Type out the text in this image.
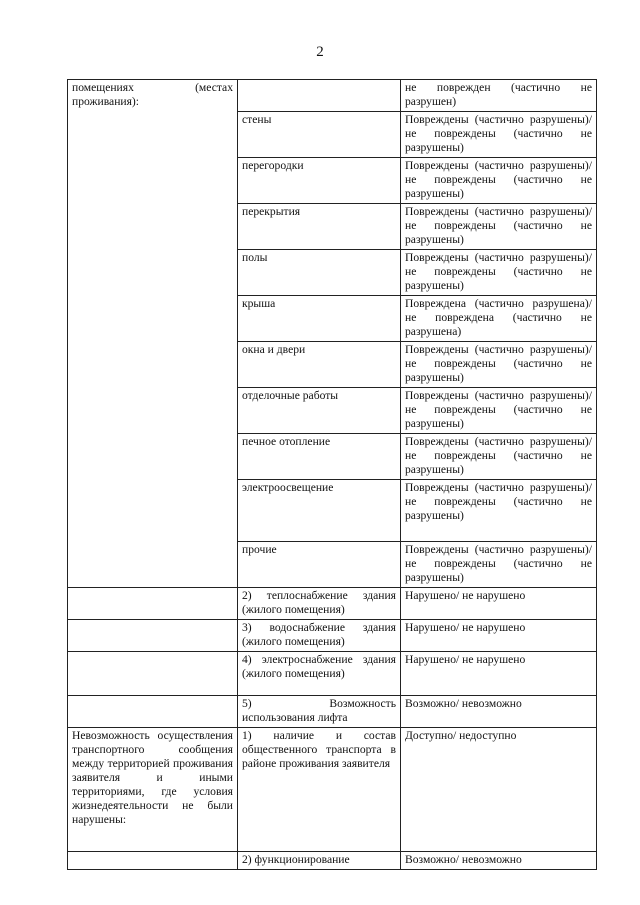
2
помещениях (местах проживания):		не поврежден (частично не разрушен)
	стены	Повреждены (частично разрушены)/ не повреждены (частично не разрушены)
	перегородки	Повреждены (частично разрушены)/ не повреждены (частично не разрушены)
	перекрытия	Повреждены (частично разрушены)/ не повреждены (частично не разрушены)
	полы	Повреждены (частично разрушены)/ не повреждены (частично не разрушены)
	крыша	Повреждена (частично разрушена)/ не повреждена (частично не разрушена)
	окна и двери	Повреждены (частично разрушены)/ не повреждены (частично не разрушены)
	отделочные работы	Повреждены (частично разрушены)/ не повреждены (частично не разрушены)
	печное отопление	Повреждены (частично разрушены)/ не повреждены (частично не разрушены)
	электроосвещение	Повреждены (частично разрушены)/ не повреждены (частично не разрушены)
	прочие	Повреждены (частично разрушены)/ не повреждены (частично не разрушены)
	2) теплоснабжение здания (жилого помещения)	Нарушено/ не нарушено
	3) водоснабжение здания (жилого помещения)	Нарушено/ не нарушено
	4) электроснабжение здания (жилого помещения)	Нарушено/ не нарушено
	5) Возможность использования лифта	Возможно/ невозможно
Невозможность осуществления транспортного сообщения между территорией проживания заявителя и иными территориями, где условия жизнедеятельности не были нарушены:	1) наличие и состав общественного транспорта в районе проживания заявителя	Доступно/ недоступно
	2) функционирование	Возможно/ невозможно
